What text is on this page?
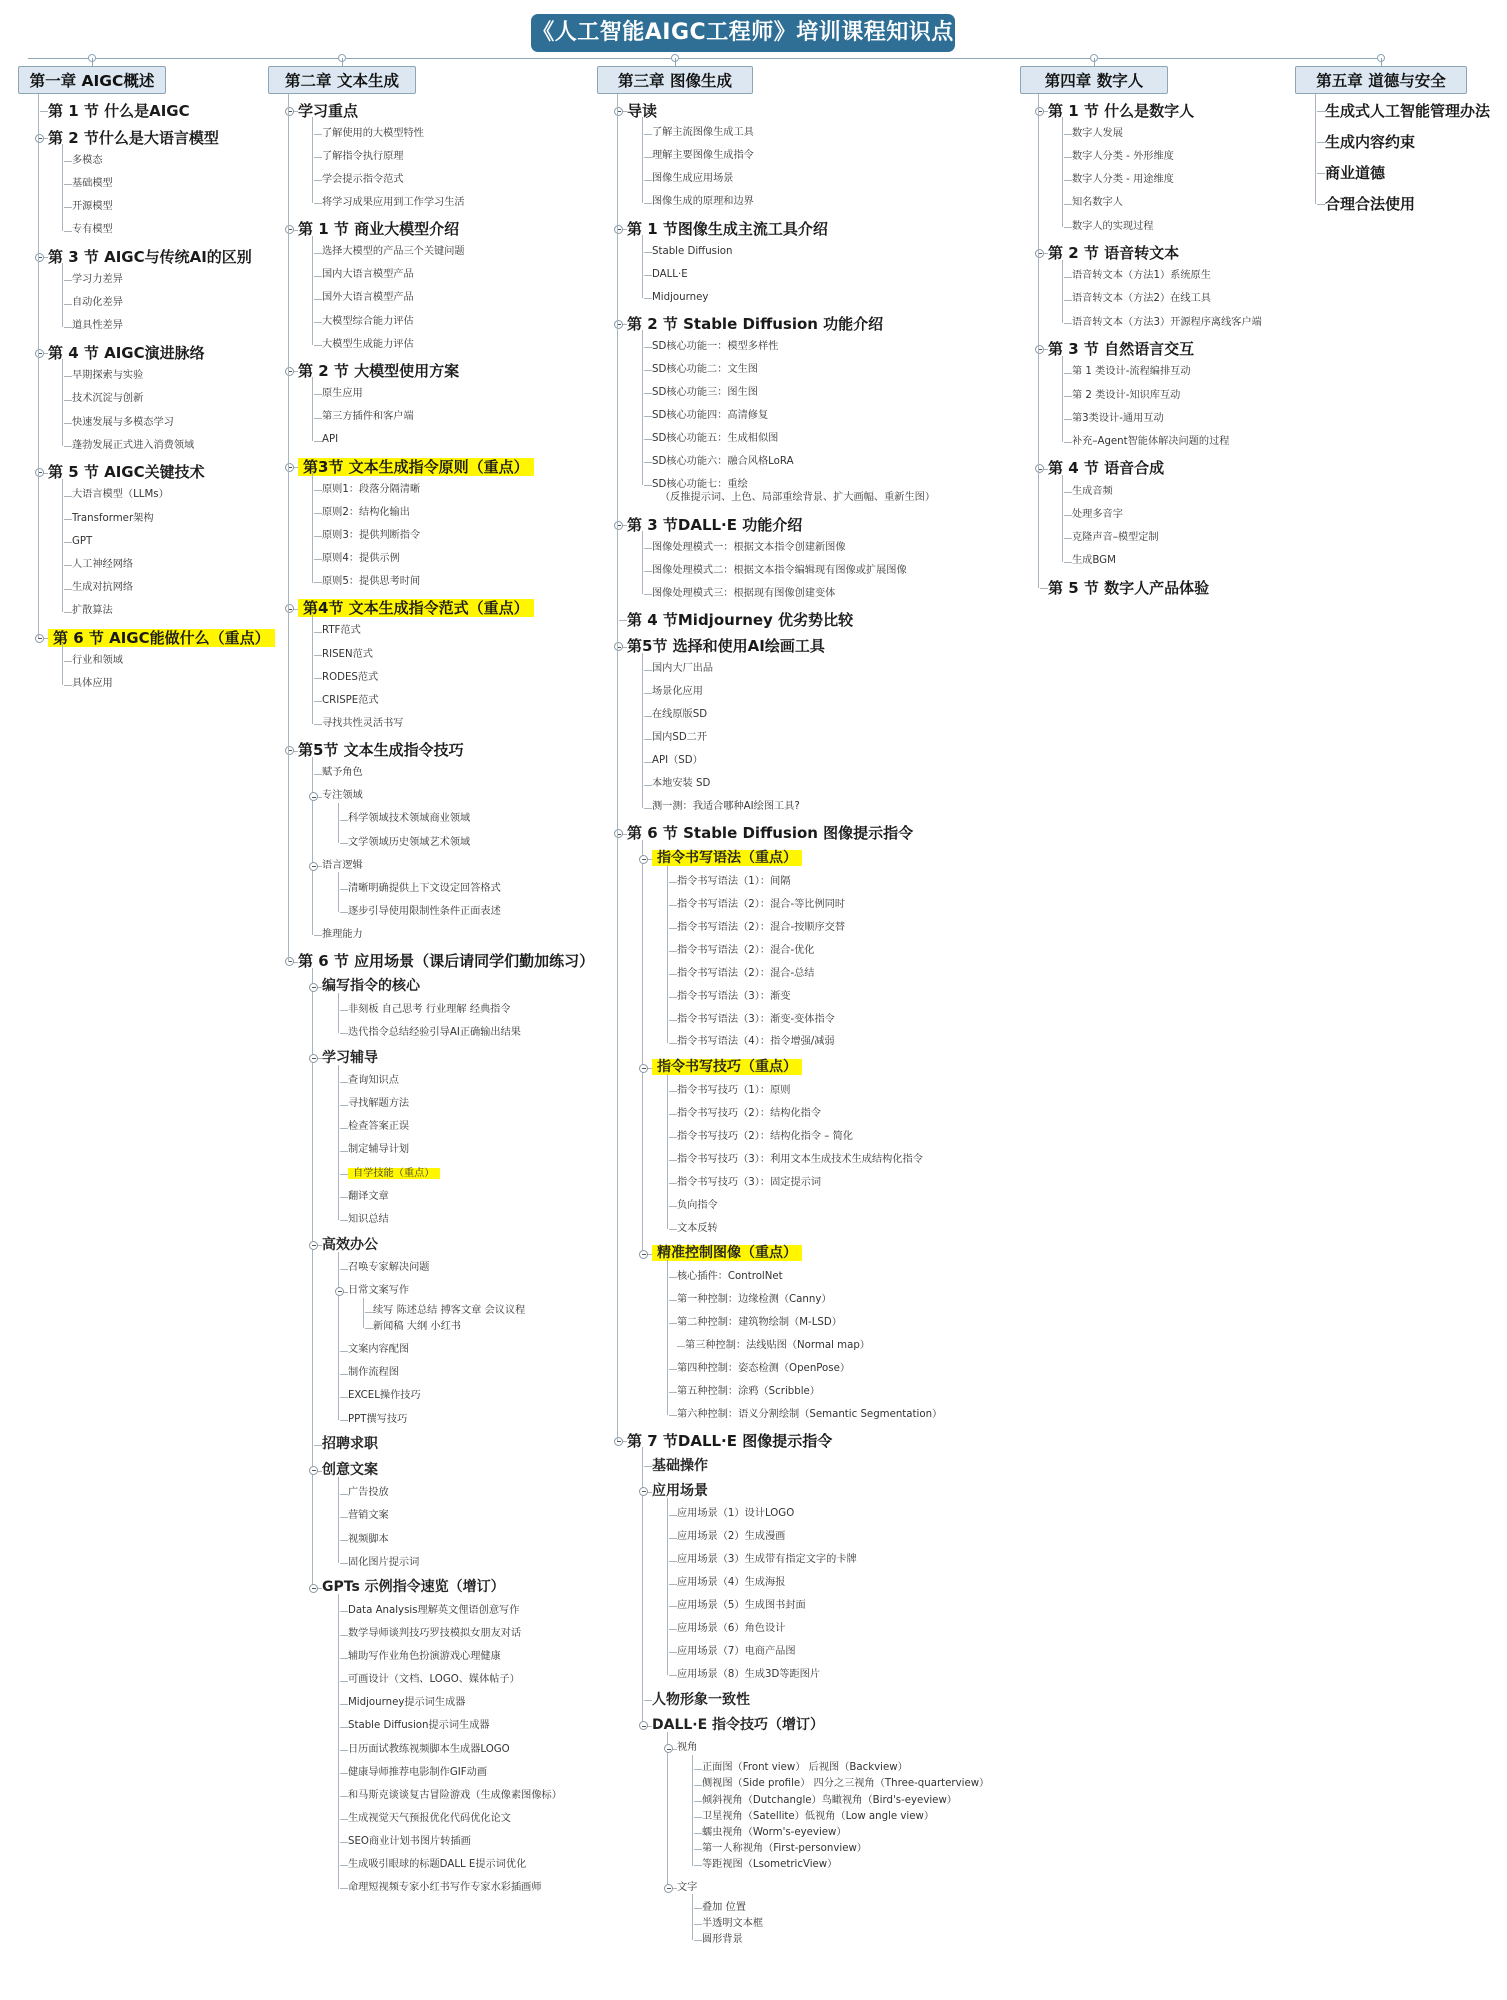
《人工智能AIGC工程师》培训课程知识点
第一章 AIGC概述
第 1 节 什么是AIGC
第 2 节什么是大语言模型
多模态
基础模型
开源模型
专有模型
第 3 节 AIGC与传统AI的区别
学习力差异
自动化差异
道具性差异
第 4 节 AIGC演进脉络
早期探索与实验
技术沉淀与创新
快速发展与多模态学习
蓬勃发展正式进入消费领域
第 5 节 AIGC关键技术
大语言模型（LLMs）
Transformer架构
GPT
人工神经网络
生成对抗网络
扩散算法
第 6 节 AIGC能做什么（重点）
行业和领域
具体应用
第二章 文本生成
学习重点
了解使用的大模型特性
了解指令执行原理
学会提示指令范式
将学习成果应用到工作学习生活
第 1 节 商业大模型介绍
选择大模型的产品三个关键问题
国内大语言模型产品
国外大语言模型产品
大模型综合能力评估
大模型生成能力评估
第 2 节 大模型使用方案
原生应用
第三方插件和客户端
API
第3节 文本生成指令原则（重点）
原则1：段落分隔清晰
原则2：结构化输出
原则3：提供判断指令
原则4：提供示例
原则5：提供思考时间
第4节 文本生成指令范式（重点）
RTF范式
RISEN范式
RODES范式
CRISPE范式
寻找共性灵活书写
第5节 文本生成指令技巧
赋予角色
专注领域
科学领域技术领域商业领域
文学领域历史领域艺术领域
语言逻辑
清晰明确提供上下文设定回答格式
逐步引导使用限制性条件正面表述
推理能力
第 6 节 应用场景（课后请同学们勤加练习）
编写指令的核心
非刻板 自己思考 行业理解 经典指令
迭代指令总结经验引导AI正确输出结果
学习辅导
查询知识点
寻找解题方法
检查答案正误
制定辅导计划
自学技能（重点）
翻译文章
知识总结
高效办公
召唤专家解决问题
日常文案写作
续写 陈述总结 搏客文章 会议议程
新闻稿 大纲 小红书
文案内容配图
制作流程图
EXCEL操作技巧
PPT撰写技巧
招聘求职
创意文案
广告投放
营销文案
视频脚本
固化图片提示词
GPTs 示例指令速览（增订）
Data Analysis理解英文俚语创意写作
数学导师谈判技巧罗技模拟女朋友对话
辅助写作业角色扮演游戏心理健康
可画设计（文档、LOGO、媒体帖子）
Midjourney提示词生成器
Stable Diffusion提示词生成器
日历面试教练视频脚本生成器LOGO
健康导师推荐电影制作GIF动画
和马斯克谈谈复古冒险游戏（生成像素图像标）
生成视觉天气预报优化代码优化论文
SEO商业计划书图片转插画
生成吸引眼球的标题DALL E提示词优化
命理短视频专家小红书写作专家水彩插画师
第三章 图像生成
导读
了解主流图像生成工具
理解主要图像生成指令
图像生成应用场景
图像生成的原理和边界
第 1 节图像生成主流工具介绍
Stable Diffusion
DALL·E
Midjourney
第 2 节 Stable Diffusion 功能介绍
SD核心功能一：模型多样性
SD核心功能二：文生图
SD核心功能三：图生图
SD核心功能四：高清修复
SD核心功能五：生成相似图
SD核心功能六：融合风格LoRA
SD核心功能七：重绘
（反推提示词、上色、局部重绘背景、扩大画幅、重新生图）
第 3 节DALL·E 功能介绍
图像处理模式一：根据文本指令创建新图像
图像处理模式二：根据文本指令编辑现有图像或扩展图像
图像处理模式三：根据现有图像创建变体
第 4 节Midjourney 优劣势比较
第5节 选择和使用AI绘画工具
国内大厂出品
场景化应用
在线原版SD
国内SD二开
API（SD）
本地安装 SD
测一测：我适合哪种AI绘图工具?
第 6 节 Stable Diffusion 图像提示指令
指令书写语法（重点）
指令书写语法（1）：间隔
指令书写语法（2）：混合-等比例同时
指令书写语法（2）：混合-按顺序交替
指令书写语法（2）：混合-优化
指令书写语法（2）：混合-总结
指令书写语法（3）：渐变
指令书写语法（3）：渐变-变体指令
指令书写语法（4）：指令增强/减弱
指令书写技巧（重点）
指令书写技巧（1）：原则
指令书写技巧（2）：结构化指令
指令书写技巧（2）：结构化指令 – 简化
指令书写技巧（3）：利用文本生成技术生成结构化指令
指令书写技巧（3）：固定提示词
负向指令
文本反转
精准控制图像（重点）
核心插件：ControlNet
第一种控制：边缘检测（Canny）
第二种控制：建筑物绘制（M-LSD）
第三种控制：法线贴图（Normal map）
第四种控制：姿态检测（OpenPose）
第五种控制：涂鸦（Scribble）
第六种控制：语义分割绘制（Semantic Segmentation）
第 7 节DALL·E 图像提示指令
基础操作
应用场景
应用场景（1）设计LOGO
应用场景（2）生成漫画
应用场景（3）生成带有指定文字的卡牌
应用场景（4）生成海报
应用场景（5）生成图书封面
应用场景（6）角色设计
应用场景（7）电商产品图
应用场景（8）生成3D等距图片
人物形象一致性
DALL·E 指令技巧（增订）
视角
正面图（Front view） 后视图（Backview）
侧视图（Side profile） 四分之三视角（Three-quarterview）
倾斜视角（Dutchangle）鸟瞰视角（Bird's-eyeview）
卫星视角（Satellite）低视角（Low angle view）
蠕虫视角（Worm's-eyeview）
第一人称视角（First-personview）
等距视图（LsometricView）
文字
叠加 位置
半透明文本框
圆形背景
第四章 数字人
第 1 节 什么是数字人
数字人发展
数字人分类 - 外形维度
数字人分类 - 用途维度
知名数字人
数字人的实现过程
第 2 节 语音转文本
语音转文本（方法1）系统原生
语音转文本（方法2）在线工具
语音转文本（方法3）开源程序离线客户端
第 3 节 自然语言交互
第 1 类设计-流程编排互动
第 2 类设计-知识库互动
第3类设计-通用互动
补充–Agent智能体解决问题的过程
第 4 节 语音合成
生成音频
处理多音字
克隆声音–模型定制
生成BGM
第 5 节 数字人产品体验
第五章 道德与安全
生成式人工智能管理办法
生成内容约束
商业道德
合理合法使用
